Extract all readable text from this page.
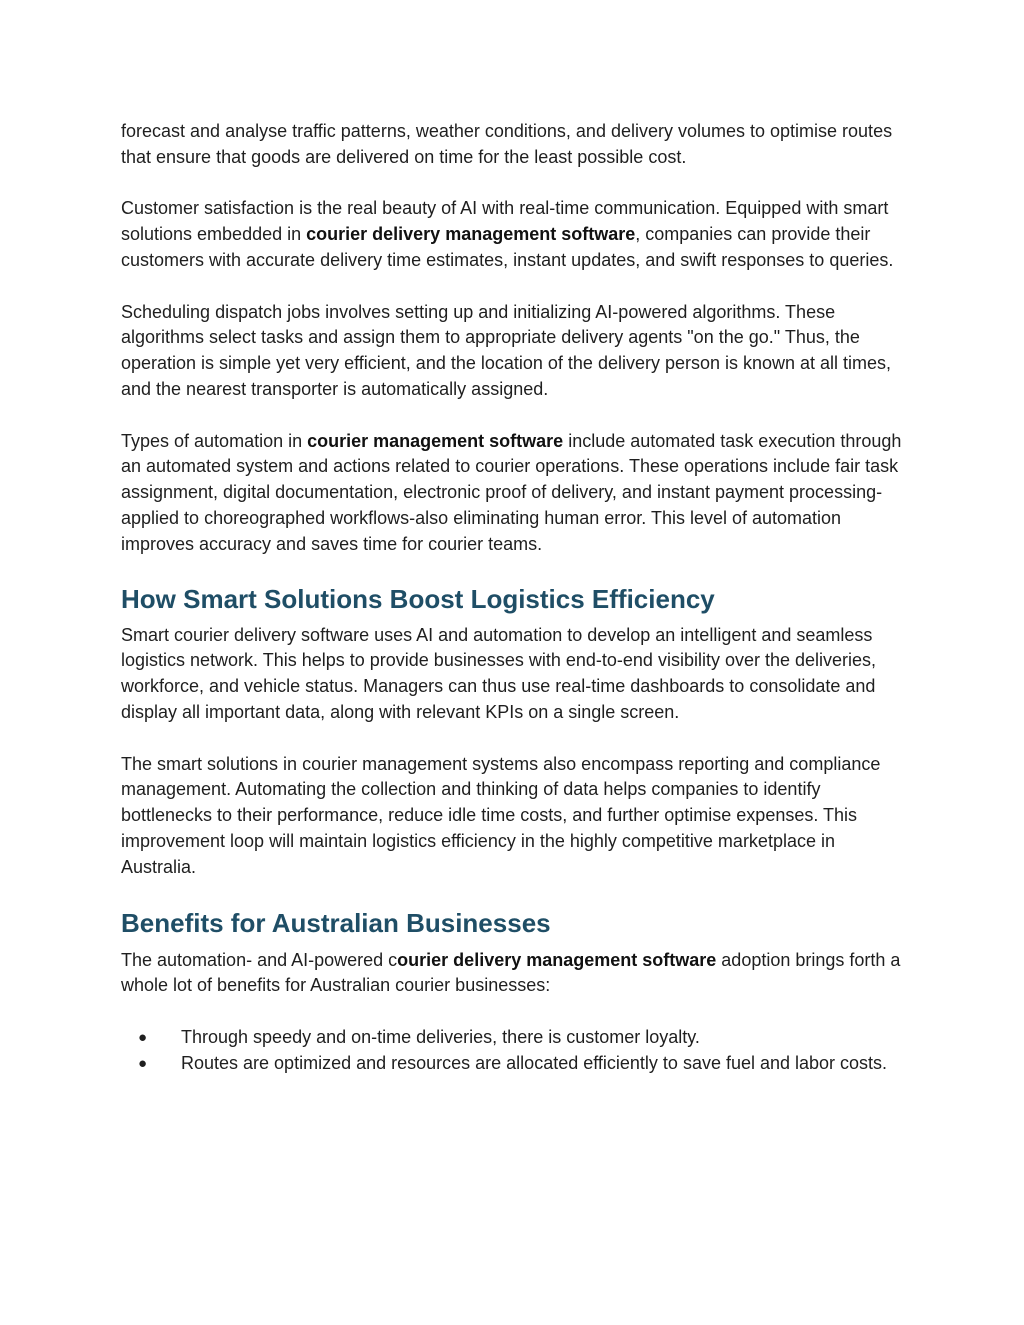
forecast and analyse traffic patterns, weather conditions, and delivery volumes to optimise routes that ensure that goods are delivered on time for the least possible cost.

Customer satisfaction is the real beauty of AI with real-time communication. Equipped with smart solutions embedded in courier delivery management software, companies can provide their customers with accurate delivery time estimates, instant updates, and swift responses to queries.

Scheduling dispatch jobs involves setting up and initializing AI-powered algorithms. These algorithms select tasks and assign them to appropriate delivery agents "on the go." Thus, the operation is simple yet very efficient, and the location of the delivery person is known at all times, and the nearest transporter is automatically assigned.

Types of automation in courier management software include automated task execution through an automated system and actions related to courier operations. These operations include fair task assignment, digital documentation, electronic proof of delivery, and instant payment processing-applied to choreographed workflows-also eliminating human error. This level of automation improves accuracy and saves time for courier teams.

How Smart Solutions Boost Logistics Efficiency

Smart courier delivery software uses AI and automation to develop an intelligent and seamless logistics network. This helps to provide businesses with end-to-end visibility over the deliveries, workforce, and vehicle status. Managers can thus use real-time dashboards to consolidate and display all important data, along with relevant KPIs on a single screen.

The smart solutions in courier management systems also encompass reporting and compliance management. Automating the collection and thinking of data helps companies to identify bottlenecks to their performance, reduce idle time costs, and further optimise expenses. This improvement loop will maintain logistics efficiency in the highly competitive marketplace in Australia.

Benefits for Australian Businesses

The automation- and AI-powered courier delivery management software adoption brings forth a whole lot of benefits for Australian courier businesses:

● Through speedy and on-time deliveries, there is customer loyalty.
● Routes are optimized and resources are allocated efficiently to save fuel and labor costs.
